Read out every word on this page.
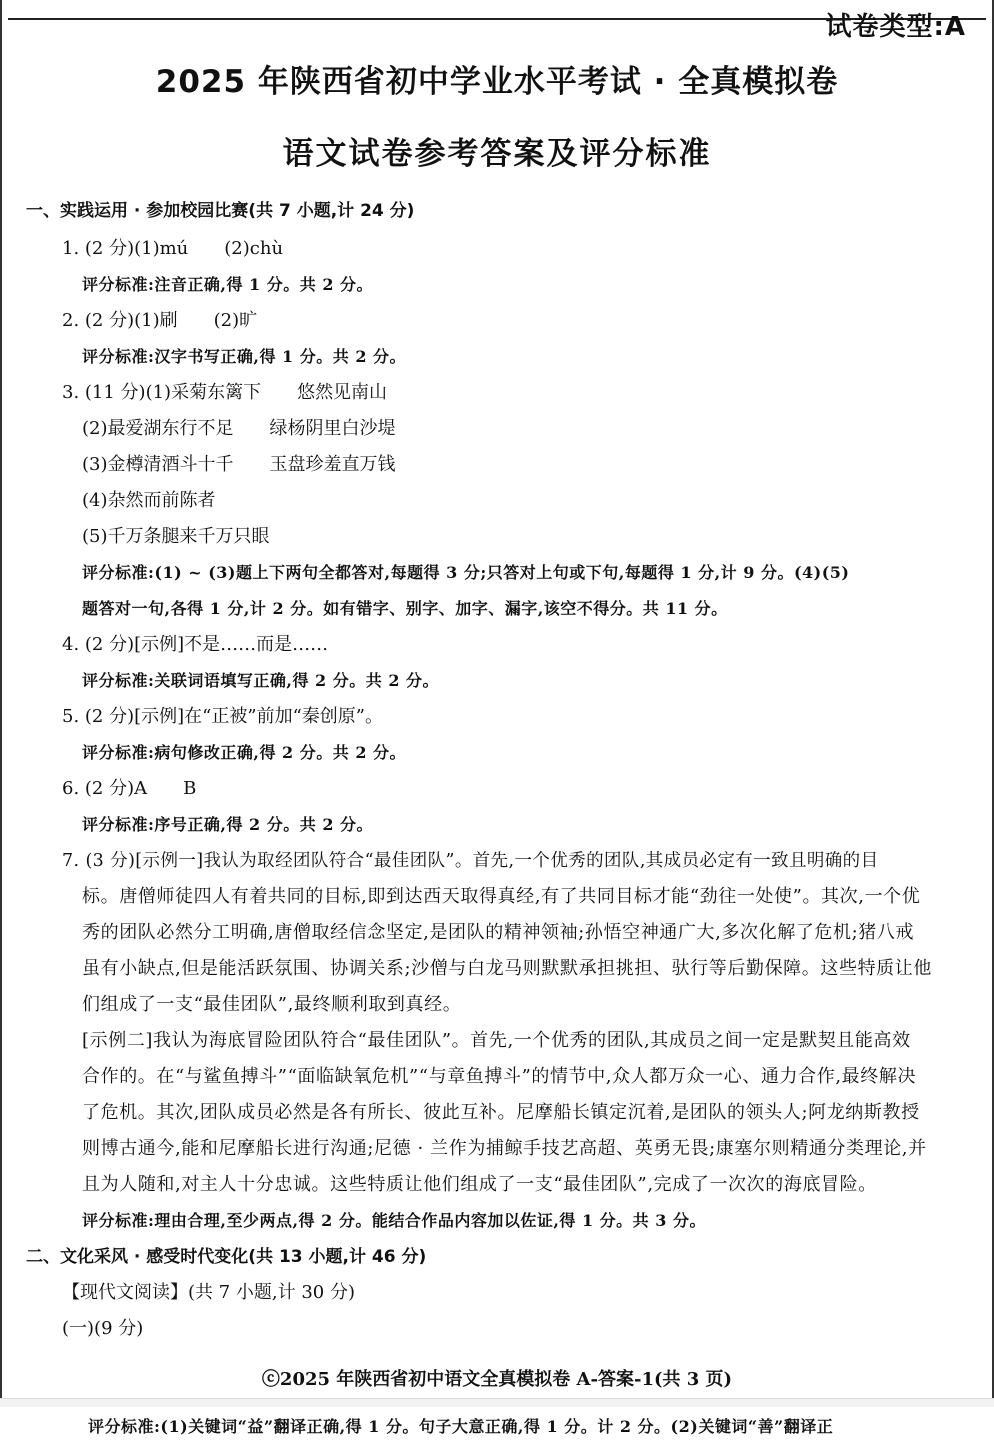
试卷类型:A
2025 年陕西省初中学业水平考试 · 全真模拟卷
语文试卷参考答案及评分标准
一、实践运用 · 参加校园比赛(共 7 小题,计 24 分)
1. (2 分)(1)mú　　(2)chù
评分标准:注音正确,得 1 分。共 2 分。
2. (2 分)(1)刷　　(2)旷
评分标准:汉字书写正确,得 1 分。共 2 分。
3. (11 分)(1)采菊东篱下　　悠然见南山
(2)最爱湖东行不足　　绿杨阴里白沙堤
(3)金樽清酒斗十千　　玉盘珍羞直万钱
(4)杂然而前陈者
(5)千万条腿来千万只眼
评分标准:(1) ~ (3)题上下两句全都答对,每题得 3 分;只答对上句或下句,每题得 1 分,计 9 分。(4)(5)
题答对一句,各得 1 分,计 2 分。如有错字、别字、加字、漏字,该空不得分。共 11 分。
4. (2 分)[示例]不是……而是……
评分标准:关联词语填写正确,得 2 分。共 2 分。
5. (2 分)[示例]在“正被”前加“秦创原”。
评分标准:病句修改正确,得 2 分。共 2 分。
6. (2 分)A　　B
评分标准:序号正确,得 2 分。共 2 分。
7. (3 分)[示例一]我认为取经团队符合“最佳团队”。首先,一个优秀的团队,其成员必定有一致且明确的目
标。唐僧师徒四人有着共同的目标,即到达西天取得真经,有了共同目标才能“劲往一处使”。其次,一个优
秀的团队必然分工明确,唐僧取经信念坚定,是团队的精神领袖;孙悟空神通广大,多次化解了危机;猪八戒
虽有小缺点,但是能活跃氛围、协调关系;沙僧与白龙马则默默承担挑担、驮行等后勤保障。这些特质让他
们组成了一支“最佳团队”,最终顺利取到真经。
[示例二]我认为海底冒险团队符合“最佳团队”。首先,一个优秀的团队,其成员之间一定是默契且能高效
合作的。在“与鲨鱼搏斗”“面临缺氧危机”“与章鱼搏斗”的情节中,众人都万众一心、通力合作,最终解决
了危机。其次,团队成员必然是各有所长、彼此互补。尼摩船长镇定沉着,是团队的领头人;阿龙纳斯教授
则博古通今,能和尼摩船长进行沟通;尼德 · 兰作为捕鲸手技艺高超、英勇无畏;康塞尔则精通分类理论,并
且为人随和,对主人十分忠诚。这些特质让他们组成了一支“最佳团队”,完成了一次次的海底冒险。
评分标准:理由合理,至少两点,得 2 分。能结合作品内容加以佐证,得 1 分。共 3 分。
二、文化采风 · 感受时代变化(共 13 小题,计 46 分)
【现代文阅读】(共 7 小题,计 30 分)
(一)(9 分)
ⓒ2025 年陕西省初中语文全真模拟卷 A-答案-1(共 3 页)
评分标准:(1)关键词“益”翻译正确,得 1 分。句子大意正确,得 1 分。计 2 分。(2)关键词“善”翻译正
